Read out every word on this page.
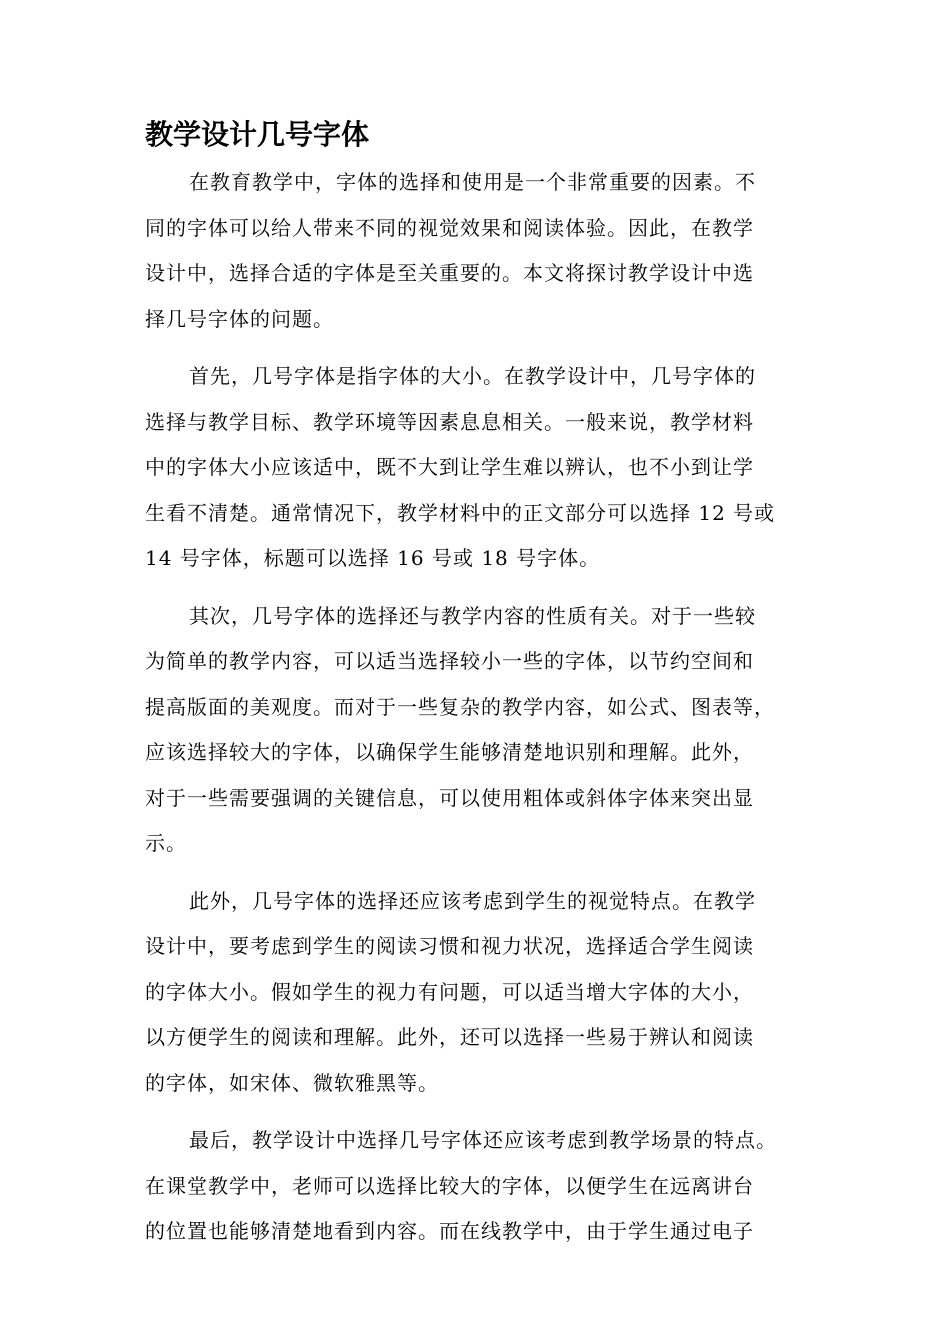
教学设计几号字体

在教育教学中，字体的选择和使用是一个非常重要的因素。不
同的字体可以给人带来不同的视觉效果和阅读体验。因此，在教学
设计中，选择合适的字体是至关重要的。本文将探讨教学设计中选
择几号字体的问题。

首先，几号字体是指字体的大小。在教学设计中，几号字体的
选择与教学目标、教学环境等因素息息相关。一般来说，教学材料
中的字体大小应该适中，既不大到让学生难以辨认，也不小到让学
生看不清楚。通常情况下，教学材料中的正文部分可以选择 12 号或
14 号字体，标题可以选择 16 号或 18 号字体。

其次，几号字体的选择还与教学内容的性质有关。对于一些较
为简单的教学内容，可以适当选择较小一些的字体，以节约空间和
提高版面的美观度。而对于一些复杂的教学内容，如公式、图表等，
应该选择较大的字体，以确保学生能够清楚地识别和理解。此外，
对于一些需要强调的关键信息，可以使用粗体或斜体字体来突出显
示。

此外，几号字体的选择还应该考虑到学生的视觉特点。在教学
设计中，要考虑到学生的阅读习惯和视力状况，选择适合学生阅读
的字体大小。假如学生的视力有问题，可以适当增大字体的大小，
以方便学生的阅读和理解。此外，还可以选择一些易于辨认和阅读
的字体，如宋体、微软雅黑等。

最后，教学设计中选择几号字体还应该考虑到教学场景的特点。
在课堂教学中，老师可以选择比较大的字体，以便学生在远离讲台
的位置也能够清楚地看到内容。而在线教学中，由于学生通过电子
